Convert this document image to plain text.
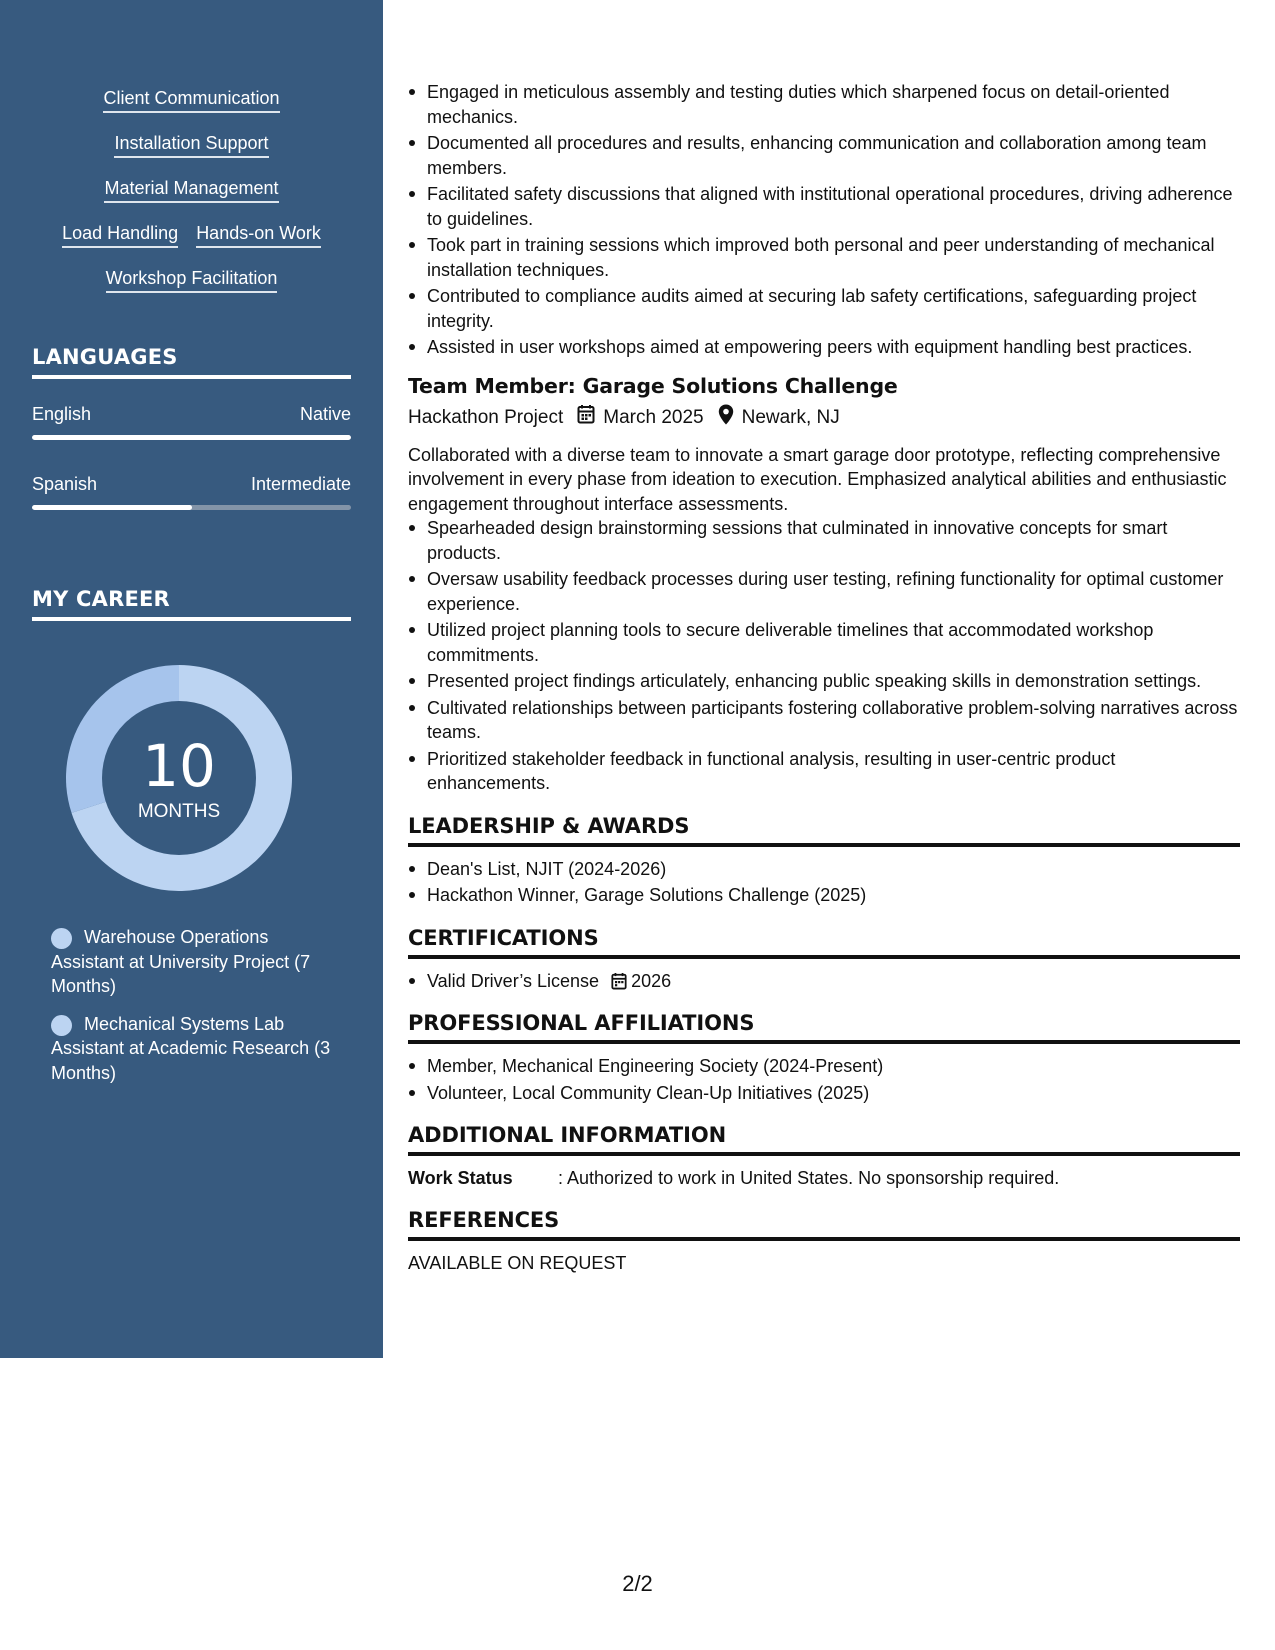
Client Communication
Installation Support
Material Management
Load Handling Hands-on Work
Workshop Facilitation
LANGUAGES
English	Native
Spanish	Intermediate
MY CAREER
10
MONTHS
Warehouse Operations Assistant at University Project (7 Months)
Mechanical Systems Lab Assistant at Academic Research (3 Months)
Engaged in meticulous assembly and testing duties which sharpened focus on detail-oriented mechanics.
Documented all procedures and results, enhancing communication and collaboration among team members.
Facilitated safety discussions that aligned with institutional operational procedures, driving adherence to guidelines.
Took part in training sessions which improved both personal and peer understanding of mechanical installation techniques.
Contributed to compliance audits aimed at securing lab safety certifications, safeguarding project integrity.
Assisted in user workshops aimed at empowering peers with equipment handling best practices.
Team Member: Garage Solutions Challenge
Hackathon Project March 2025 Newark, NJ

Collaborated with a diverse team to innovate a smart garage door prototype, reflecting comprehensive involvement in every phase from ideation to execution. Emphasized analytical abilities and enthusiastic engagement throughout interface assessments.

Spearheaded design brainstorming sessions that culminated in innovative concepts for smart products.
Oversaw usability feedback processes during user testing, refining functionality for optimal customer experience.
Utilized project planning tools to secure deliverable timelines that accommodated workshop commitments.
Presented project findings articulately, enhancing public speaking skills in demonstration settings.
Cultivated relationships between participants fostering collaborative problem-solving narratives across teams.
Prioritized stakeholder feedback in functional analysis, resulting in user-centric product enhancements.
LEADERSHIP & AWARDS
Dean's List, NJIT (2024-2026)
Hackathon Winner, Garage Solutions Challenge (2025)
CERTIFICATIONS
Valid Driver’s License 2026
PROFESSIONAL AFFILIATIONS
Member, Mechanical Engineering Society (2024-Present)
Volunteer, Local Community Clean-Up Initiatives (2025)
ADDITIONAL INFORMATION
Work Status	: Authorized to work in United States. No sponsorship required.
REFERENCES
AVAILABLE ON REQUEST
2/2
